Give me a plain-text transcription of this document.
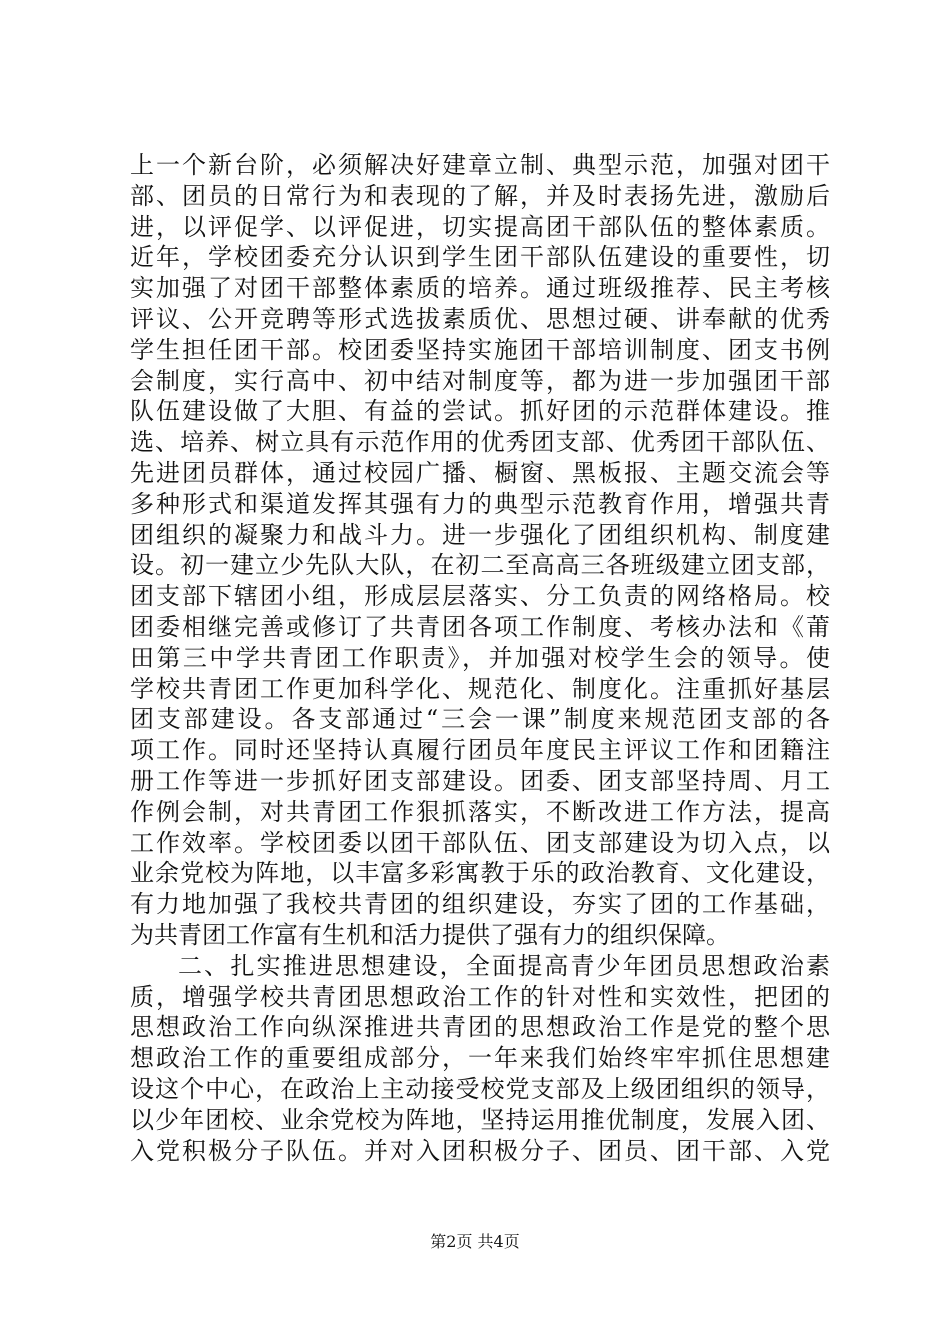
上一个新台阶，必须解决好建章立制、典型示范，加强对团干
部、团员的日常行为和表现的了解，并及时表扬先进，激励后
进，以评促学、以评促进，切实提高团干部队伍的整体素质。
近年，学校团委充分认识到学生团干部队伍建设的重要性，切
实加强了对团干部整体素质的培养。通过班级推荐、民主考核
评议、公开竞聘等形式选拔素质优、思想过硬、讲奉献的优秀
学生担任团干部。校团委坚持实施团干部培训制度、团支书例
会制度，实行高中、初中结对制度等，都为进一步加强团干部
队伍建设做了大胆、有益的尝试。抓好团的示范群体建设。推
选、培养、树立具有示范作用的优秀团支部、优秀团干部队伍、
先进团员群体，通过校园广播、橱窗、黑板报、主题交流会等
多种形式和渠道发挥其强有力的典型示范教育作用，增强共青
团组织的凝聚力和战斗力。进一步强化了团组织机构、制度建
设。初一建立少先队大队，在初二至高高三各班级建立团支部，
团支部下辖团小组，形成层层落实、分工负责的网络格局。校
团委相继完善或修订了共青团各项工作制度、考核办法和《莆
田第三中学共青团工作职责》，并加强对校学生会的领导。使
学校共青团工作更加科学化、规范化、制度化。注重抓好基层
团支部建设。各支部通过“三会一课”制度来规范团支部的各
项工作。同时还坚持认真履行团员年度民主评议工作和团籍注
册工作等进一步抓好团支部建设。团委、团支部坚持周、月工
作例会制，对共青团工作狠抓落实，不断改进工作方法，提高
工作效率。学校团委以团干部队伍、团支部建设为切入点，以
业余党校为阵地，以丰富多彩寓教于乐的政治教育、文化建设，
有力地加强了我校共青团的组织建设，夯实了团的工作基础，
为共青团工作富有生机和活力提供了强有力的组织保障。
二、扎实推进思想建设，全面提高青少年团员思想政治素
质，增强学校共青团思想政治工作的针对性和实效性，把团的
思想政治工作向纵深推进共青团的思想政治工作是党的整个思
想政治工作的重要组成部分，一年来我们始终牢牢抓住思想建
设这个中心，在政治上主动接受校党支部及上级团组织的领导，
以少年团校、业余党校为阵地，坚持运用推优制度，发展入团、
入党积极分子队伍。并对入团积极分子、团员、团干部、入党
第2页 共4页
